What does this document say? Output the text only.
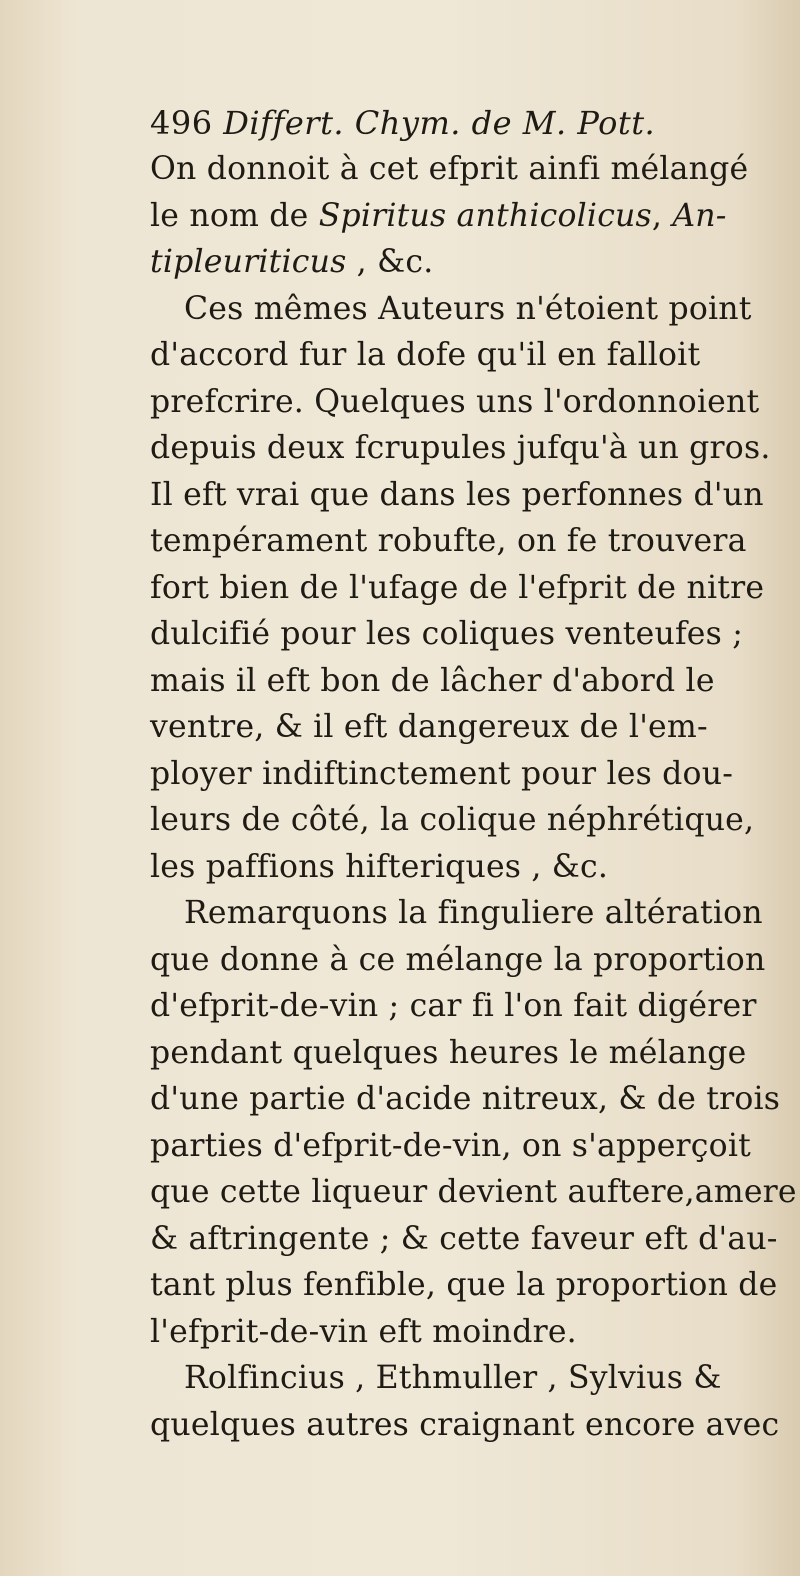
496 Differt. Chym. de M. Pott.
On donnoit à cet efprit ainfi mélangé
le nom de Spiritus anthicolicus, An-
tipleuriticus , &c.
Ces mêmes Auteurs n'étoient point
d'accord fur la dofe qu'il en falloit
prefcrire. Quelques uns l'ordonnoient
depuis deux fcrupules jufqu'à un gros.
Il eft vrai que dans les perfonnes d'un
tempérament robufte, on fe trouvera
fort bien de l'ufage de l'efprit de nitre
dulcifié pour les coliques venteufes ;
mais il eft bon de lâcher d'abord le
ventre, & il eft dangereux de l'em-
ployer indiftinctement pour les dou-
leurs de côté, la colique néphrétique,
les paffions hifteriques , &c.
Remarquons la finguliere altération
que donne à ce mélange la proportion
d'efprit-de-vin ; car fi l'on fait digérer
pendant quelques heures le mélange
d'une partie d'acide nitreux, & de trois
parties d'efprit-de-vin, on s'apperçoit
que cette liqueur devient auftere,amere
& aftringente ; & cette faveur eft d'au-
tant plus fenfible, que la proportion de
l'efprit-de-vin eft moindre.
Rolfincius , Ethmuller , Sylvius &
quelques autres craignant encore avec
